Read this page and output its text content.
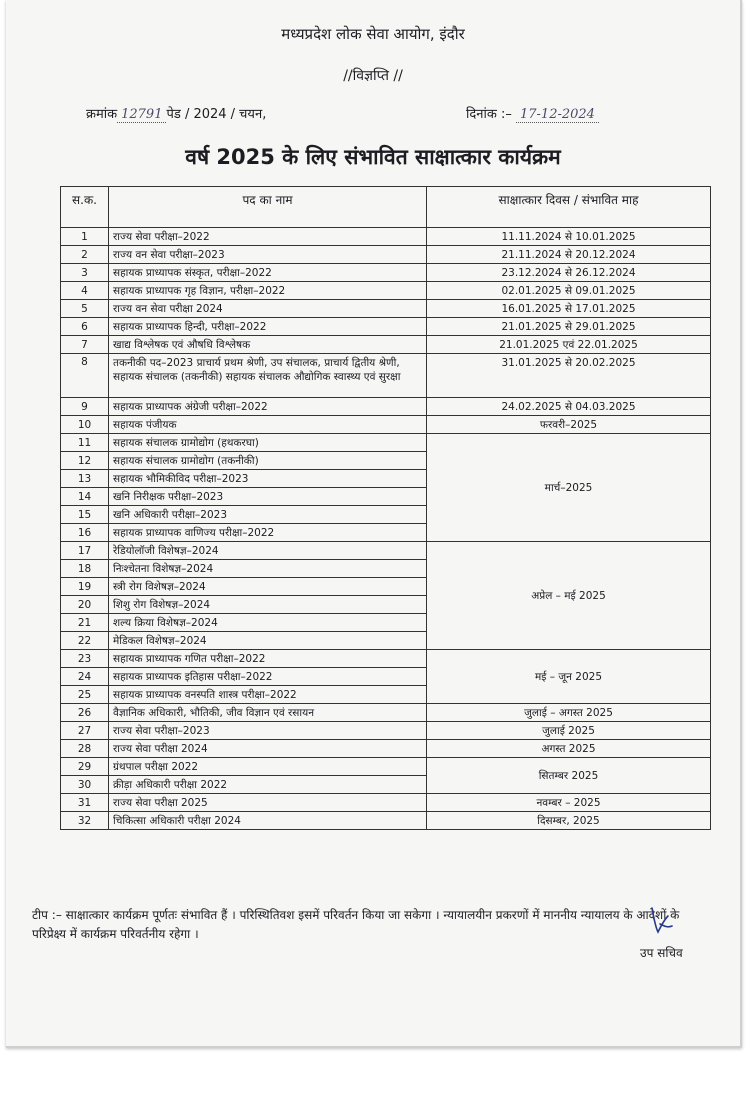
मध्यप्रदेश लोक सेवा आयोग, इंदौर
//विज्ञप्ति //
क्रमांक 12791 पेड / 2024 / चयन,	दिनांक :– 17-12-2024
वर्ष 2025 के लिए संभावित साक्षात्कार कार्यक्रम
स.क.	पद का नाम	साक्षात्कार दिवस / संभावित माह
1	राज्य सेवा परीक्षा–2022	11.11.2024 से 10.01.2025
2	राज्य वन सेवा परीक्षा–2023	21.11.2024 से 20.12.2024
3	सहायक प्राध्यापक संस्कृत, परीक्षा–2022	23.12.2024 से 26.12.2024
4	सहायक प्राध्यापक गृह विज्ञान, परीक्षा–2022	02.01.2025 से 09.01.2025
5	राज्य वन सेवा परीक्षा 2024	16.01.2025 से 17.01.2025
6	सहायक प्राध्यापक हिन्दी, परीक्षा–2022	21.01.2025 से 29.01.2025
7	खाद्य विश्लेषक एवं औषधि विश्लेषक	21.01.2025 एवं 22.01.2025
8	तकनीकी पद–2023 प्राचार्य प्रथम श्रेणी, उप संचालक, प्राचार्य द्वितीय श्रेणी, सहायक संचालक (तकनीकी) सहायक संचालक औद्योगिक स्वास्थ्य एवं सुरक्षा	31.01.2025 से 20.02.2025
9	सहायक प्राध्यापक अंग्रेजी परीक्षा–2022	24.02.2025 से 04.03.2025
10	सहायक पंजीयक	फरवरी–2025
11	सहायक संचालक ग्रामोद्योग (हथकरघा)	मार्च–2025
12	सहायक संचालक ग्रामोद्योग (तकनीकी)	
13	सहायक भौमिकीविद परीक्षा–2023	
14	खनि निरीक्षक परीक्षा–2023	
15	खनि अधिकारी परीक्षा–2023	
16	सहायक प्राध्यापक वाणिज्य परीक्षा–2022	
17	रेडियोलॉजी विशेषज्ञ–2024	अप्रेल – मई 2025
18	निःश्चेतना विशेषज्ञ–2024	
19	स्त्री रोग विशेषज्ञ–2024	
20	शिशु रोग विशेषज्ञ–2024	
21	शल्य क्रिया विशेषज्ञ–2024	
22	मेडिकल विशेषज्ञ–2024	
23	सहायक प्राध्यापक गणित परीक्षा–2022	मई – जून 2025
24	सहायक प्राध्यापक इतिहास परीक्षा–2022	
25	सहायक प्राध्यापक वनस्पति शास्त्र परीक्षा–2022	
26	वैज्ञानिक अधिकारी, भौतिकी, जीव विज्ञान एवं रसायन	जुलाई – अगस्त 2025
27	राज्य सेवा परीक्षा–2023	जुलाई 2025
28	राज्य सेवा परीक्षा 2024	अगस्त 2025
29	ग्रंथपाल परीक्षा 2022	सितम्बर 2025
30	क्रीड़ा अधिकारी परीक्षा 2022	
31	राज्य सेवा परीक्षा 2025	नवम्बर – 2025
32	चिकित्सा अधिकारी परीक्षा 2024	दिसम्बर, 2025
टीप :– साक्षात्कार कार्यक्रम पूर्णतः संभावित हैं । परिस्थितिवश इसमें परिवर्तन किया जा सकेगा । न्यायालयीन प्रकरणों में माननीय न्यायालय के आदेशों के परिप्रेक्ष्य में कार्यक्रम परिवर्तनीय रहेगा ।
उप सचिव
